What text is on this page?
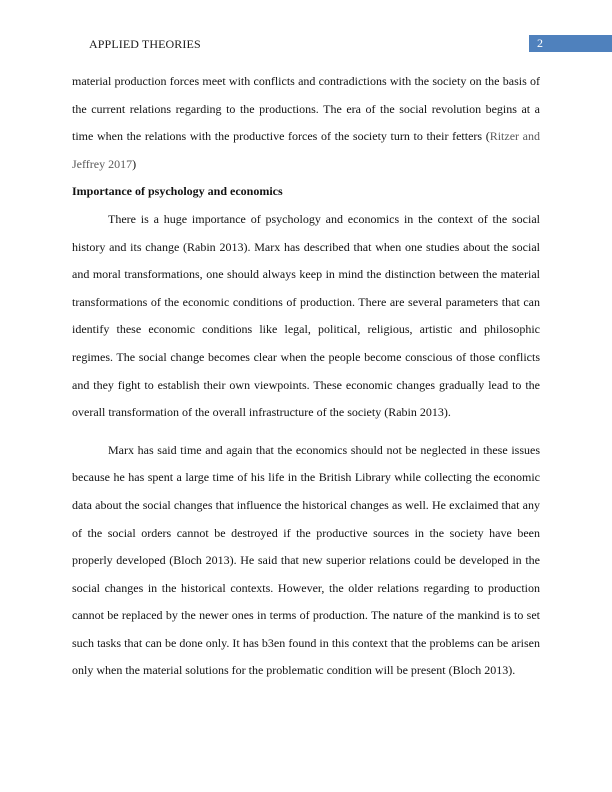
APPLIED THEORIES	2

material production forces meet with conflicts and contradictions with the society on the basis of the current relations regarding to the productions. The era of the social revolution begins at a time when the relations with the productive forces of the society turn to their fetters (Ritzer and Jeffrey 2017)

Importance of psychology and economics

There is a huge importance of psychology and economics in the context of the social history and its change (Rabin 2013). Marx has described that when one studies about the social and moral transformations, one should always keep in mind the distinction between the material transformations of the economic conditions of production. There are several parameters that can identify these economic conditions like legal, political, religious, artistic and philosophic regimes. The social change becomes clear when the people become conscious of those conflicts and they fight to establish their own viewpoints. These economic changes gradually lead to the overall transformation of the overall infrastructure of the society (Rabin 2013).

Marx has said time and again that the economics should not be neglected in these issues because he has spent a large time of his life in the British Library while collecting the economic data about the social changes that influence the historical changes as well. He exclaimed that any of the social orders cannot be destroyed if the productive sources in the society have been properly developed (Bloch 2013). He said that new superior relations could be developed in the social changes in the historical contexts. However, the older relations regarding to production cannot be replaced by the newer ones in terms of production. The nature of the mankind is to set such tasks that can be done only. It has b3en found in this context that the problems can be arisen only when the material solutions for the problematic condition will be present (Bloch 2013).
